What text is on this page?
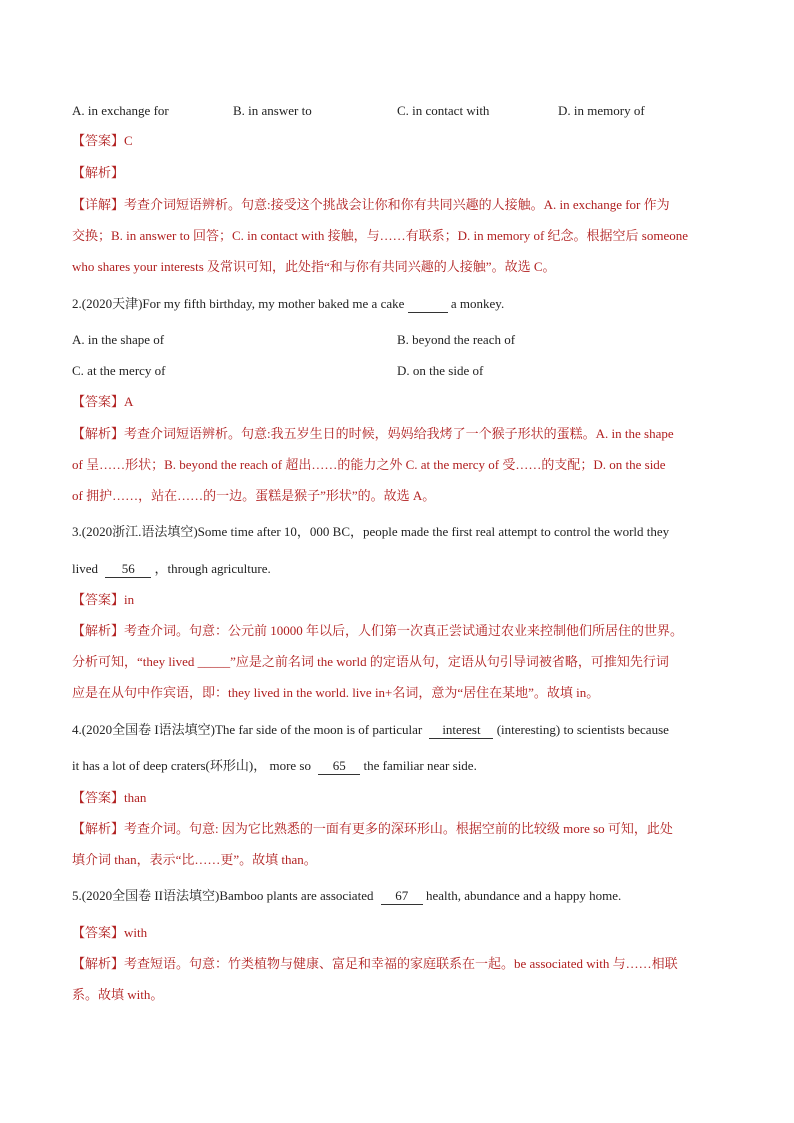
A. in exchange for	B. in answer to	C. in contact with	D. in memory of
【答案】C
【解析】
【详解】考查介词短语辨析。句意:接受这个挑战会让你和你有共同兴趣的人接触。A. in exchange for 作为
交换；B. in answer to 回答；C. in contact with 接触，与……有联系；D. in memory of 纪念。根据空后 someone
who shares your interests 及常识可知，此处指“和与你有共同兴趣的人接触”。故选 C。
2.(2020天津)For my fifth birthday, my mother baked me a cake	a monkey.
A. in the shape of	B. beyond the reach of
C. at the mercy of	D. on the side of
【答案】A
【解析】考查介词短语辨析。句意:我五岁生日的时候，妈妈给我烤了一个猴子形状的蛋糕。A. in the shape
of 呈……形状；B. beyond the reach of 超出……的能力之外 C. at the mercy of 受……的支配；D. on the side
of 拥护……，站在……的一边。蛋糕是猴子”形状”的。故选 A。
3.(2020浙江.语法填空)Some time after 10，000 BC，people made the first real attempt to control the world they
lived 56 ，through agriculture.
【答案】in
【解析】考查介词。句意：公元前 10000 年以后，人们第一次真正尝试通过农业来控制他们所居住的世界。
分析可知，“they lived _____”应是之前名词 the world 的定语从句，定语从句引导词被省略，可推知先行词
应是在从句中作宾语，即：they lived in the world. live in+名词，意为“居住在某地”。故填 in。
4.(2020全国卷 I语法填空)The far side of the moon is of particular interest (interesting) to scientists because
it has a lot of deep craters(环形山)， more so 65 the familiar near side.
【答案】than
【解析】考查介词。句意: 因为它比熟悉的一面有更多的深环形山。根据空前的比较级 more so 可知，此处
填介词 than，表示“比……更”。故填 than。
5.(2020全国卷 II语法填空)Bamboo plants are associated 67 health, abundance and a happy home.
【答案】with
【解析】考查短语。句意：竹类植物与健康、富足和幸福的家庭联系在一起。be associated with 与……相联
系。故填 with。
